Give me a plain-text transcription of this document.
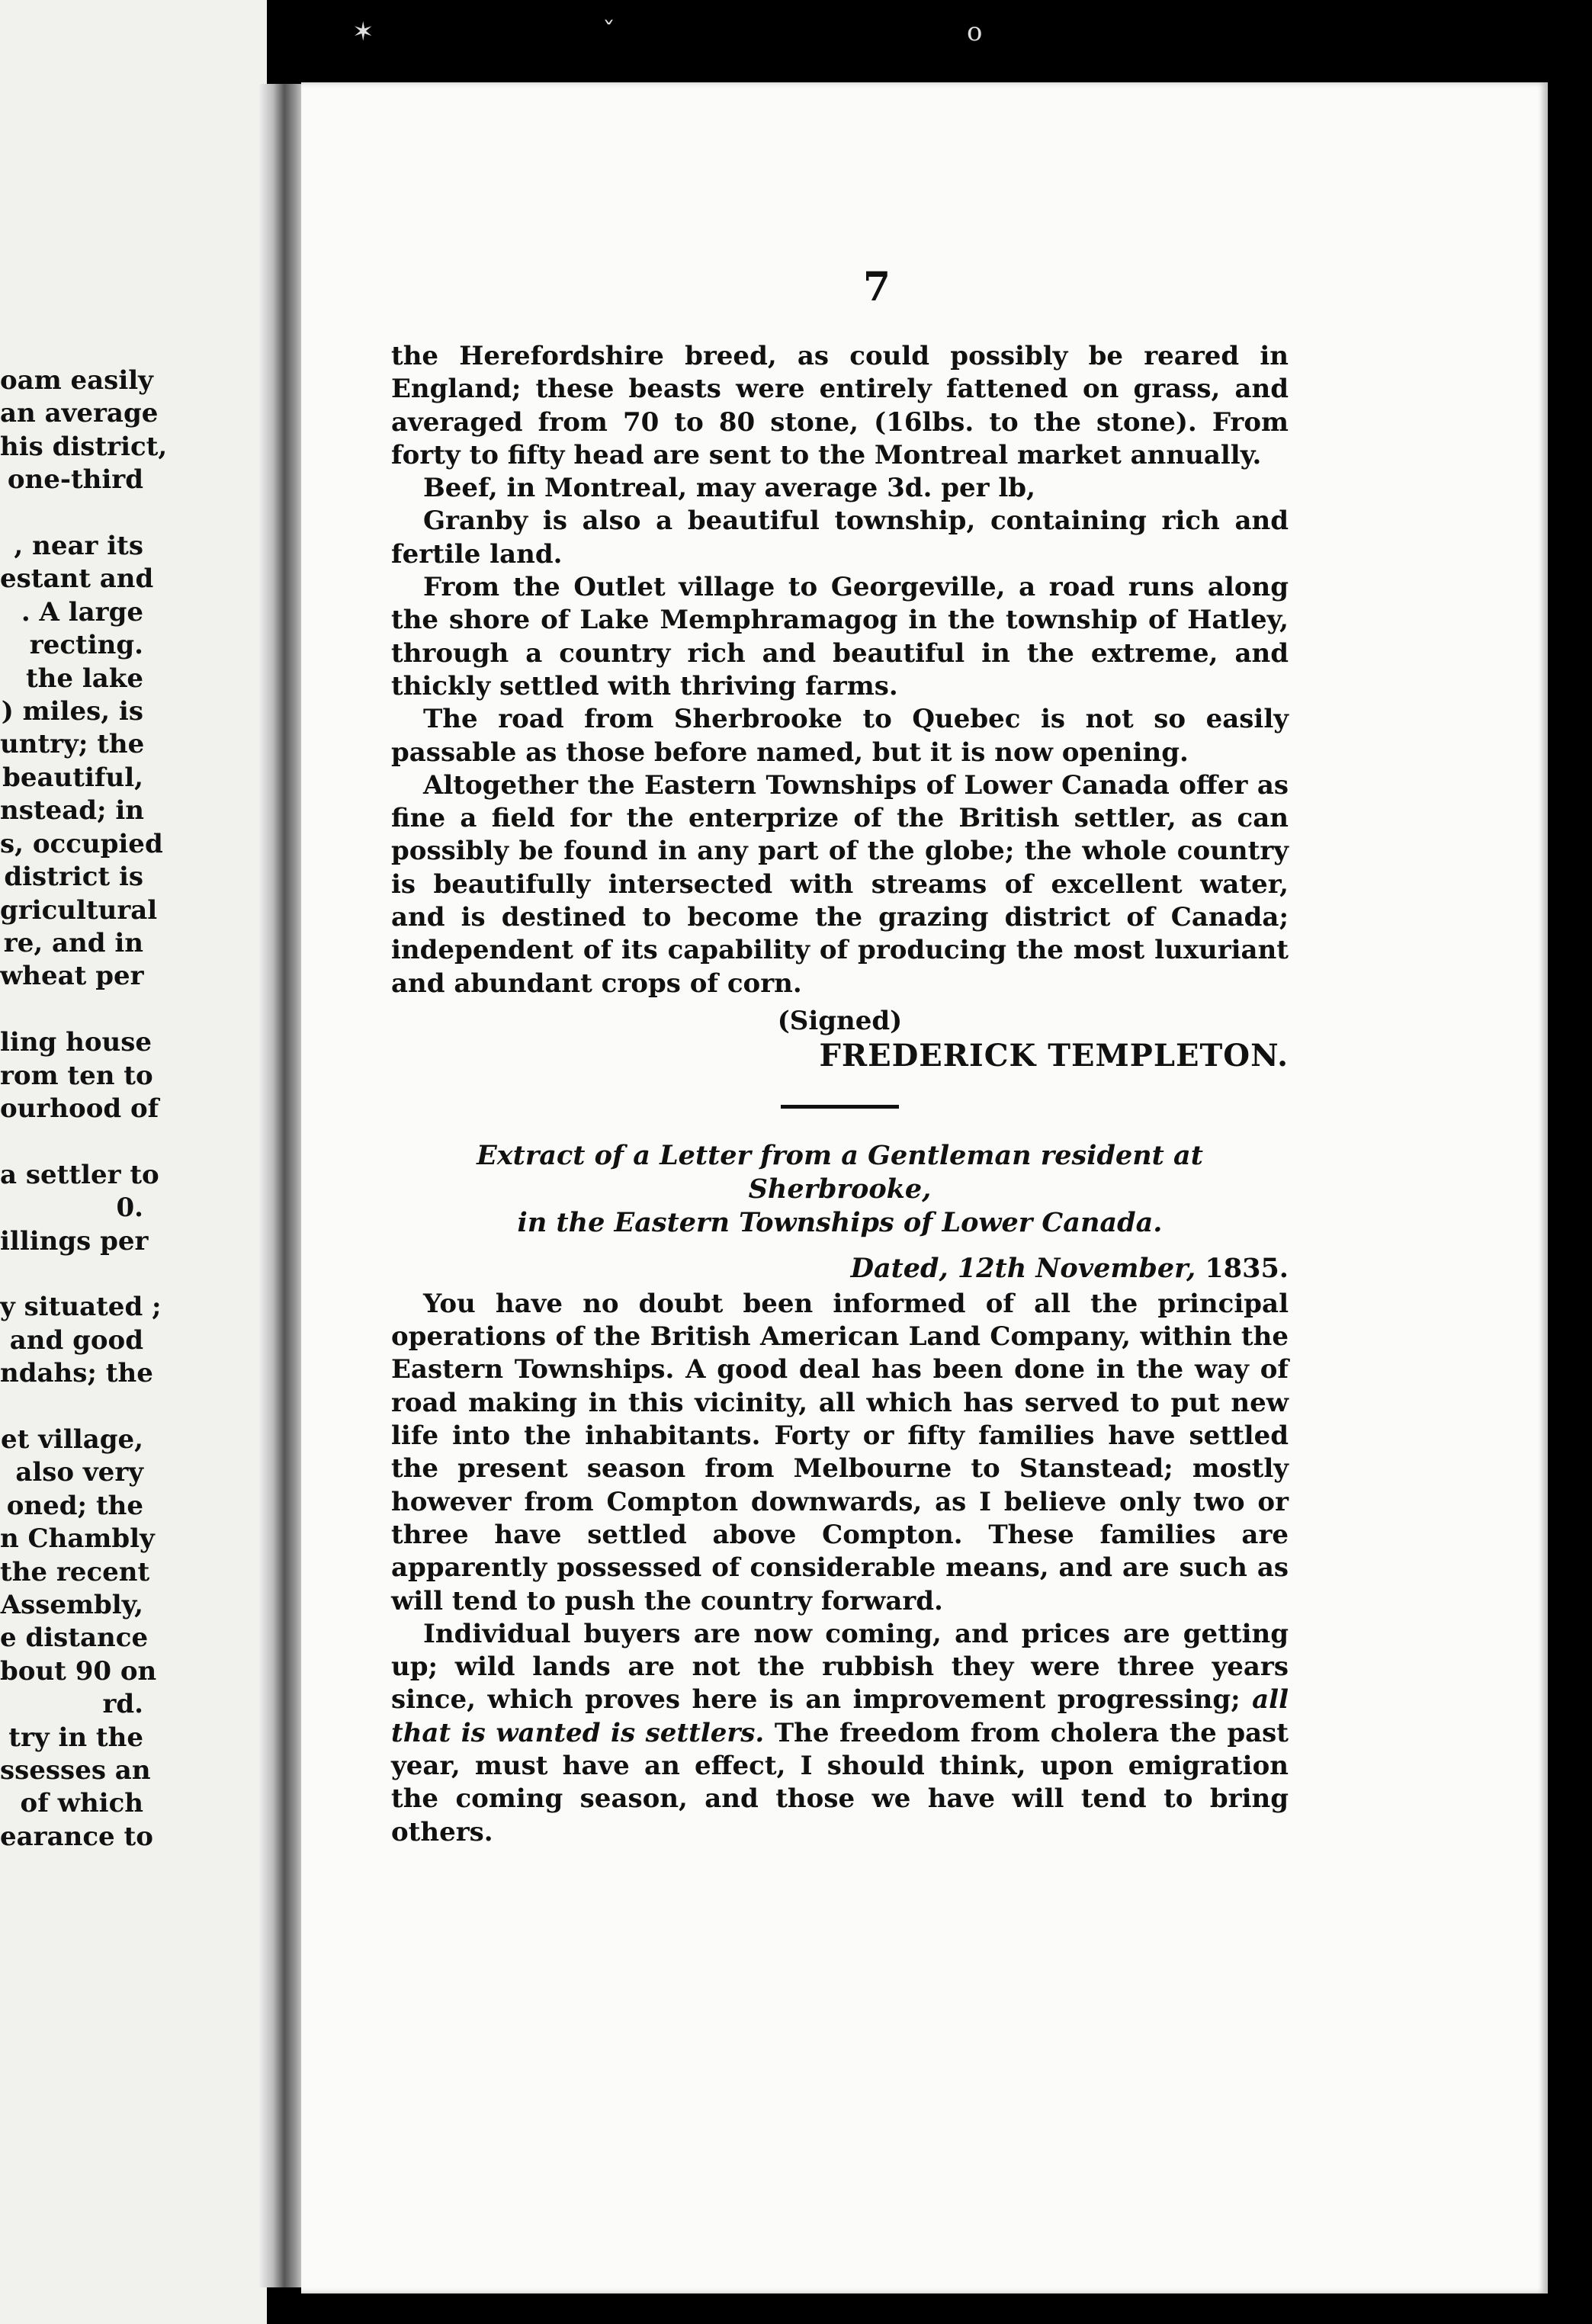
✶	ˇ	o
oam easily
an average
his district,
one-third

, near its
estant and
. A large
recting.
the lake
) miles, is
untry; the
beautiful,
nstead; in
s, occupied
district is
gricultural
re, and in
wheat per

ling house
rom ten to
ourhood of

a settler to
0.
illings per

y situated ;
and good
ndahs; the

et village,
also very
oned; the
n Chambly
the recent
Assembly,
e distance
bout 90 on
rd.
try in the
ssesses an
of which
earance to
7

the Herefordshire breed, as could possibly be reared in England; these beasts were entirely fattened on grass, and averaged from 70 to 80 stone, (16lbs. to the stone). From forty to fifty head are sent to the Montreal market annually.

Beef, in Montreal, may average 3d. per lb,

Granby is also a beautiful township, containing rich and fertile land.

From the Outlet village to Georgeville, a road runs along the shore of Lake Memphramagog in the township of Hatley, through a country rich and beautiful in the extreme, and thickly settled with thriving farms.

The road from Sherbrooke to Quebec is not so easily passable as those before named, but it is now opening.

Altogether the Eastern Townships of Lower Canada offer as fine a field for the enterprize of the British settler, as can possibly be found in any part of the globe; the whole country is beautifully intersected with streams of excellent water, and is destined to become the grazing district of Canada; independent of its capability of producing the most luxuriant and abundant crops of corn.

(Signed)
FREDERICK TEMPLETON.
Extract of a Letter from a Gentleman resident at Sherbrooke,
in the Eastern Townships of Lower Canada.
Dated, 12th November, 1835.

You have no doubt been informed of all the principal operations of the British American Land Company, within the Eastern Townships. A good deal has been done in the way of road making in this vicinity, all which has served to put new life into the inhabitants. Forty or fifty families have settled the present season from Melbourne to Stanstead; mostly however from Compton downwards, as I believe only two or three have settled above Compton. These families are apparently possessed of considerable means, and are such as will tend to push the country forward.

Individual buyers are now coming, and prices are getting up; wild lands are not the rubbish they were three years since, which proves here is an improvement progressing; all that is wanted is settlers. The freedom from cholera the past year, must have an effect, I should think, upon emigration the coming season, and those we have will tend to bring others.
